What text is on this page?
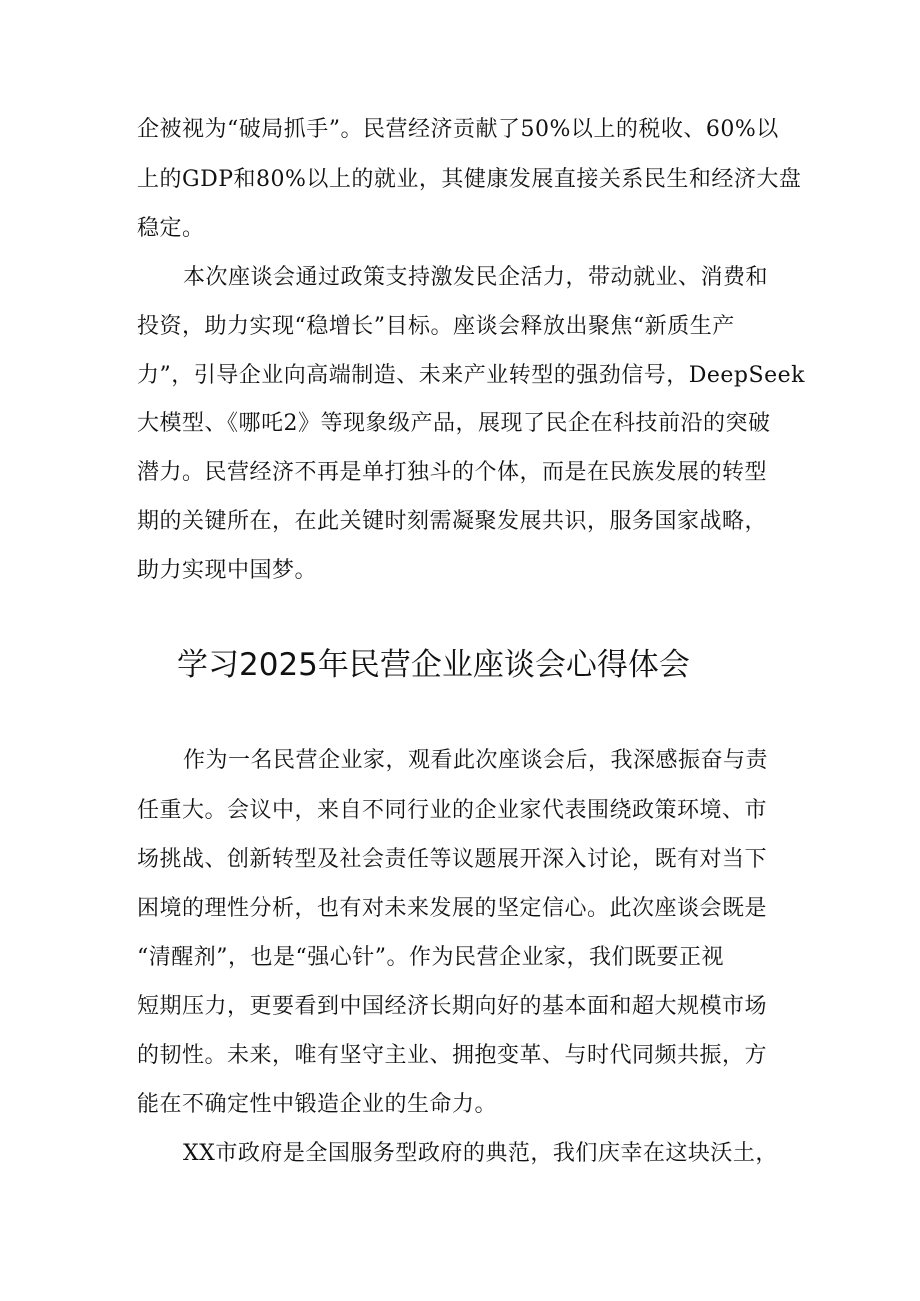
企被视为“破局抓手”。民营经济贡献了50%以上的税收、60%以

上的GDP和80%以上的就业，其健康发展直接关系民生和经济大盘

稳定。

本次座谈会通过政策支持激发民企活力，带动就业、消费和

投资，助力实现“稳增长”目标。座谈会释放出聚焦“新质生产

力”，引导企业向高端制造、未来产业转型的强劲信号，DeepSeek

大模型、《哪吒2》等现象级产品，展现了民企在科技前沿的突破

潜力。民营经济不再是单打独斗的个体，而是在民族发展的转型

期的关键所在，在此关键时刻需凝聚发展共识，服务国家战略，

助力实现中国梦。

学习2025年民营企业座谈会心得体会

作为一名民营企业家，观看此次座谈会后，我深感振奋与责

任重大。会议中，来自不同行业的企业家代表围绕政策环境、市

场挑战、创新转型及社会责任等议题展开深入讨论，既有对当下

困境的理性分析，也有对未来发展的坚定信心。此次座谈会既是

“清醒剂”，也是“强心针”。作为民营企业家，我们既要正视

短期压力，更要看到中国经济长期向好的基本面和超大规模市场

的韧性。未来，唯有坚守主业、拥抱变革、与时代同频共振，方

能在不确定性中锻造企业的生命力。

XX市政府是全国服务型政府的典范，我们庆幸在这块沃土，
